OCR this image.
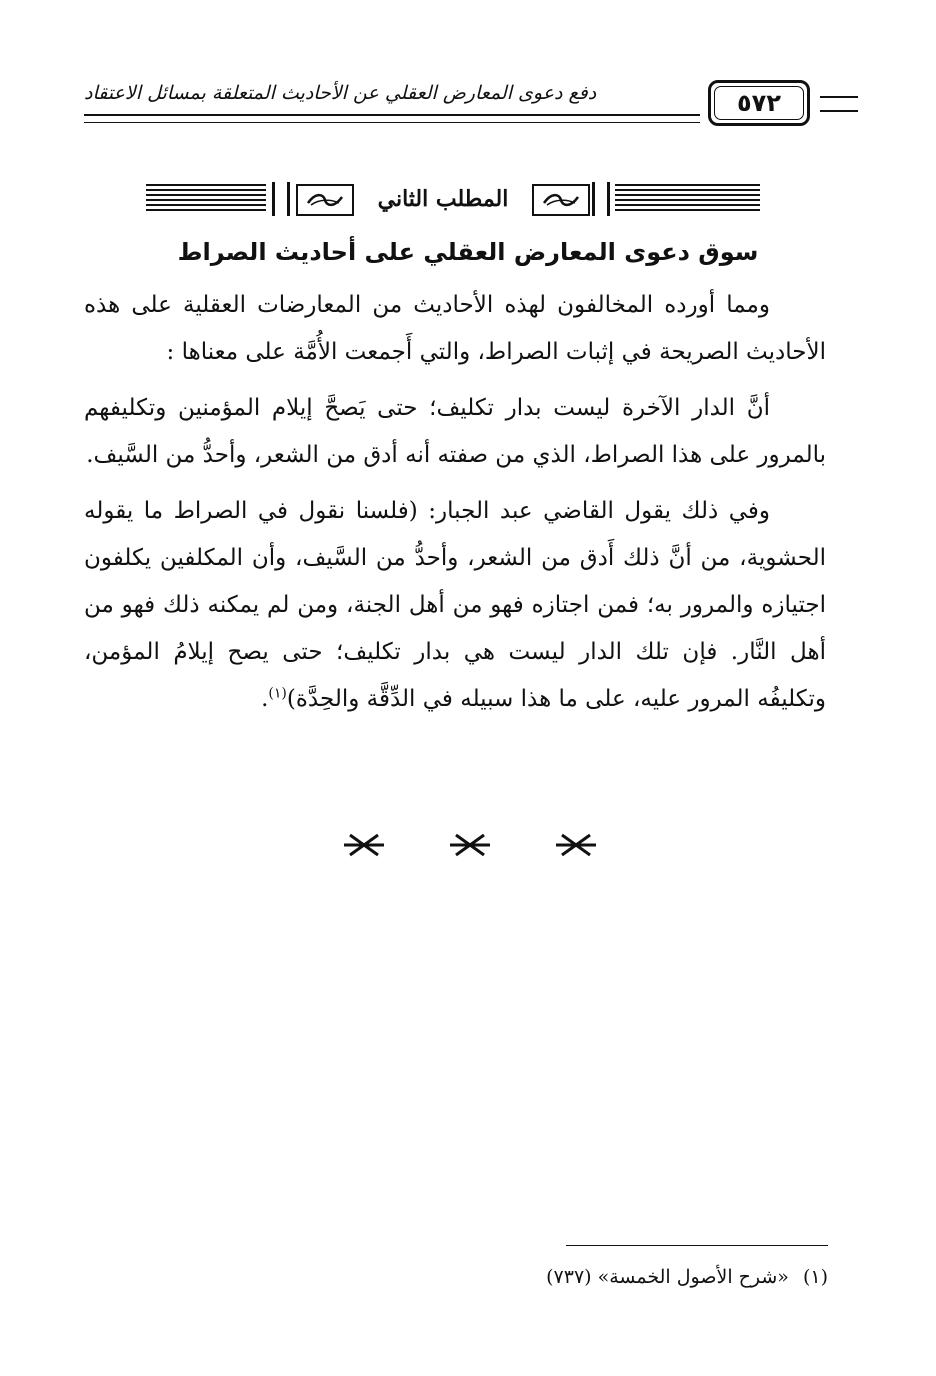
٥٧٢
دفع دعوى المعارض العقلي عن الأحاديث المتعلقة بمسائل الاعتقاد
المطلب الثاني
سوق دعوى المعارض العقلي على أحاديث الصراط

ومما أورده المخالفون لهذه الأحاديث من المعارضات العقلية على هذه الأحاديث الصريحة في إثبات الصراط، والتي أَجمعت الأُمَّة على معناها :

أنَّ الدار الآخرة ليست بدار تكليف؛ حتى يَصحَّ إيلام المؤمنين وتكليفهم بالمرور على هذا الصراط، الذي من صفته أنه أدق من الشعر، وأحدُّ من السَّيف.

وفي ذلك يقول القاضي عبد الجبار: (فلسنا نقول في الصراط ما يقوله الحشوية، من أنَّ ذلك أَدق من الشعر، وأحدُّ من السَّيف، وأن المكلفين يكلفون اجتيازه والمرور به؛ فمن اجتازه فهو من أهل الجنة، ومن لم يمكنه ذلك فهو من أهل النَّار. فإن تلك الدار ليست هي بدار تكليف؛ حتى يصح إيلامُ المؤمن، وتكليفُه المرور عليه، على ما هذا سبيله في الدِّقَّة والحِدَّة)$^{(١)}$.

(١)«شرح الأصول الخمسة» (٧٣٧)
